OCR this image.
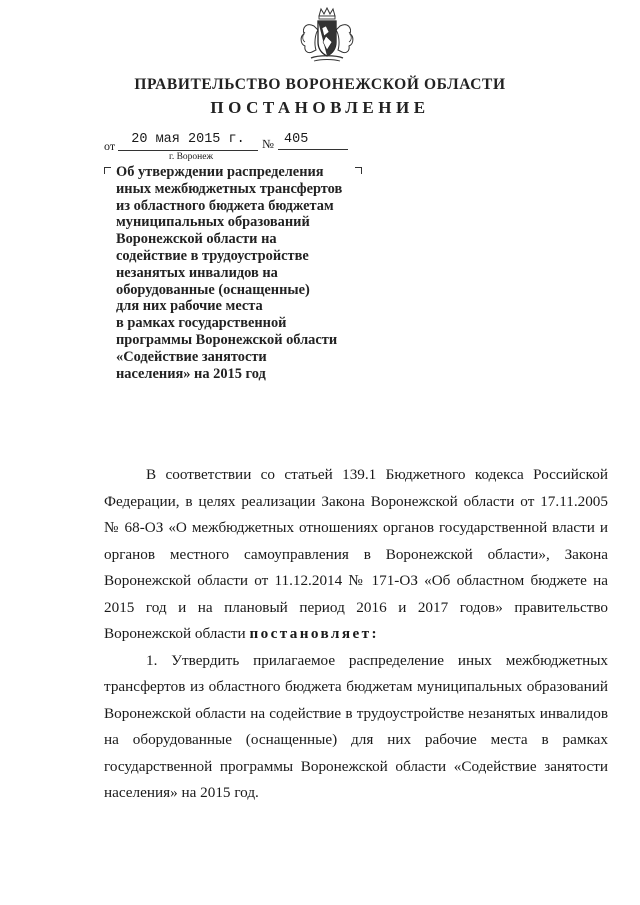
ПРАВИТЕЛЬСТВО ВОРОНЕЖСКОЙ ОБЛАСТИ
ПОСТАНОВЛЕНИЕ
от	20 мая 2015 г.	№ 405
г. Воронеж
Об утверждении распределения
иных межбюджетных трансфертов
из областного бюджета бюджетам
муниципальных образований
Воронежской области на
содействие в трудоустройстве
незанятых инвалидов на
оборудованные (оснащенные)
для них рабочие места
в рамках государственной
программы Воронежской области
«Содействие занятости
населения» на 2015 год

В соответствии со статьей 139.1 Бюджетного кодекса Российской Федерации, в целях реализации Закона Воронежской области от 17.11.2005 № 68-ОЗ «О межбюджетных отношениях органов государственной власти и органов местного самоуправления в Воронежской области», Закона Воронежской области от 11.12.2014 № 171-ОЗ «Об областном бюджете на 2015 год и на плановый период 2016 и 2017 годов» правительство Воронежской области постановляет:

1. Утвердить прилагаемое распределение иных межбюджетных трансфертов из областного бюджета бюджетам муниципальных образований Воронежской области на содействие в трудоустройстве незанятых инвалидов на оборудованные (оснащенные) для них рабочие места в рамках государственной программы Воронежской области «Содействие занятости населения» на 2015 год.
